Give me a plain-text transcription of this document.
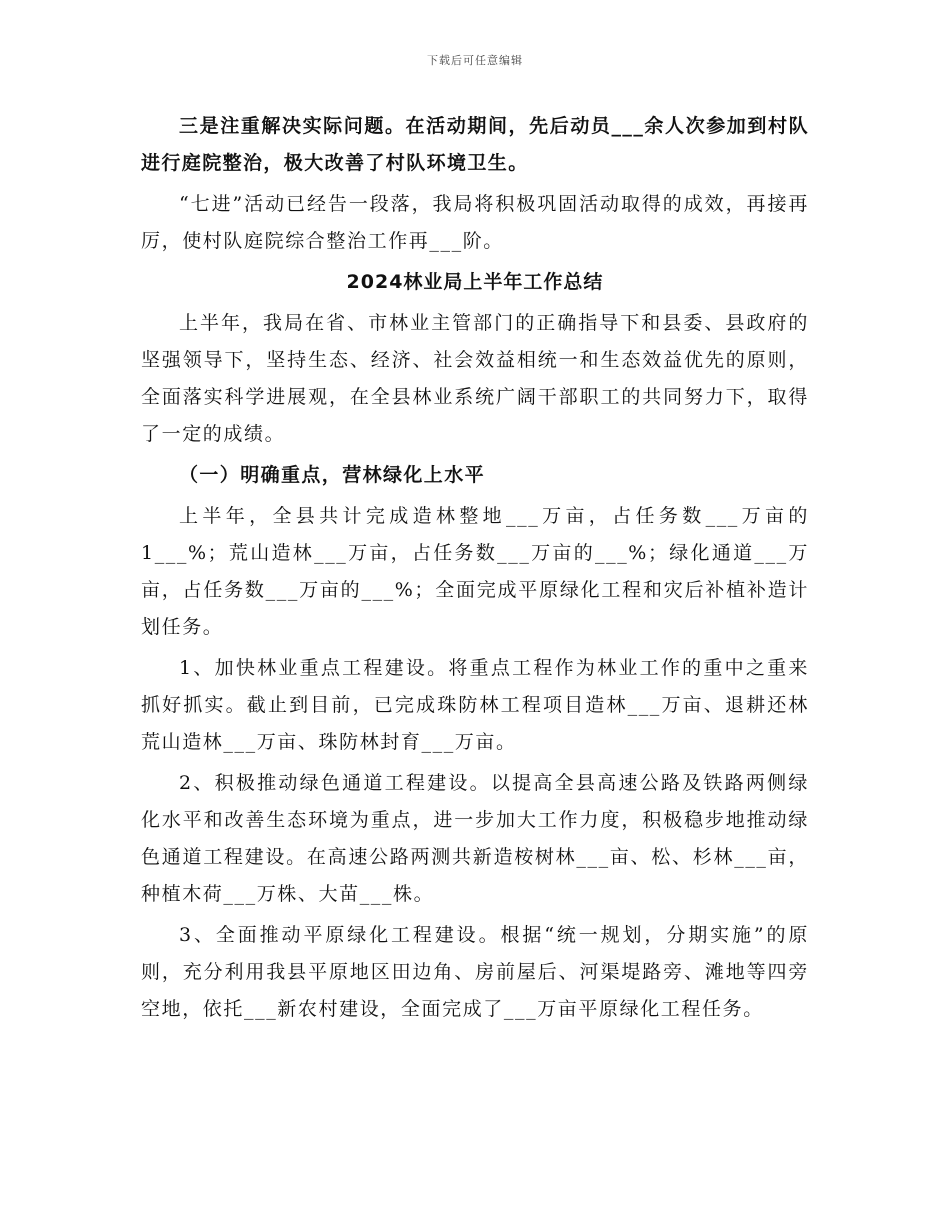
下载后可任意编辑

三是注重解决实际问题。在活动期间，先后动员___余人次参加到村队进行庭院整治，极大改善了村队环境卫生。

“七进”活动已经告一段落，我局将积极巩固活动取得的成效，再接再厉，使村队庭院综合整治工作再___阶。

2024林业局上半年工作总结

上半年，我局在省、市林业主管部门的正确指导下和县委、县政府的坚强领导下，坚持生态、经济、社会效益相统一和生态效益优先的原则，全面落实科学进展观，在全县林业系统广阔干部职工的共同努力下，取得了一定的成绩。

（一）明确重点，营林绿化上水平

上半年，全县共计完成造林整地___万亩，占任务数___万亩的1___%；荒山造林___万亩，占任务数___万亩的___%；绿化通道___万亩，占任务数___万亩的___%；全面完成平原绿化工程和灾后补植补造计划任务。

1、加快林业重点工程建设。将重点工程作为林业工作的重中之重来抓好抓实。截止到目前，已完成珠防林工程项目造林___万亩、退耕还林荒山造林___万亩、珠防林封育___万亩。

2、积极推动绿色通道工程建设。以提高全县高速公路及铁路两侧绿化水平和改善生态环境为重点，进一步加大工作力度，积极稳步地推动绿色通道工程建设。在高速公路两测共新造桉树林___亩、松、杉林___亩，种植木荷___万株、大苗___株。

3、全面推动平原绿化工程建设。根据“统一规划，分期实施”的原则，充分利用我县平原地区田边角、房前屋后、河渠堤路旁、滩地等四旁空地，依托___新农村建设，全面完成了___万亩平原绿化工程任务。
